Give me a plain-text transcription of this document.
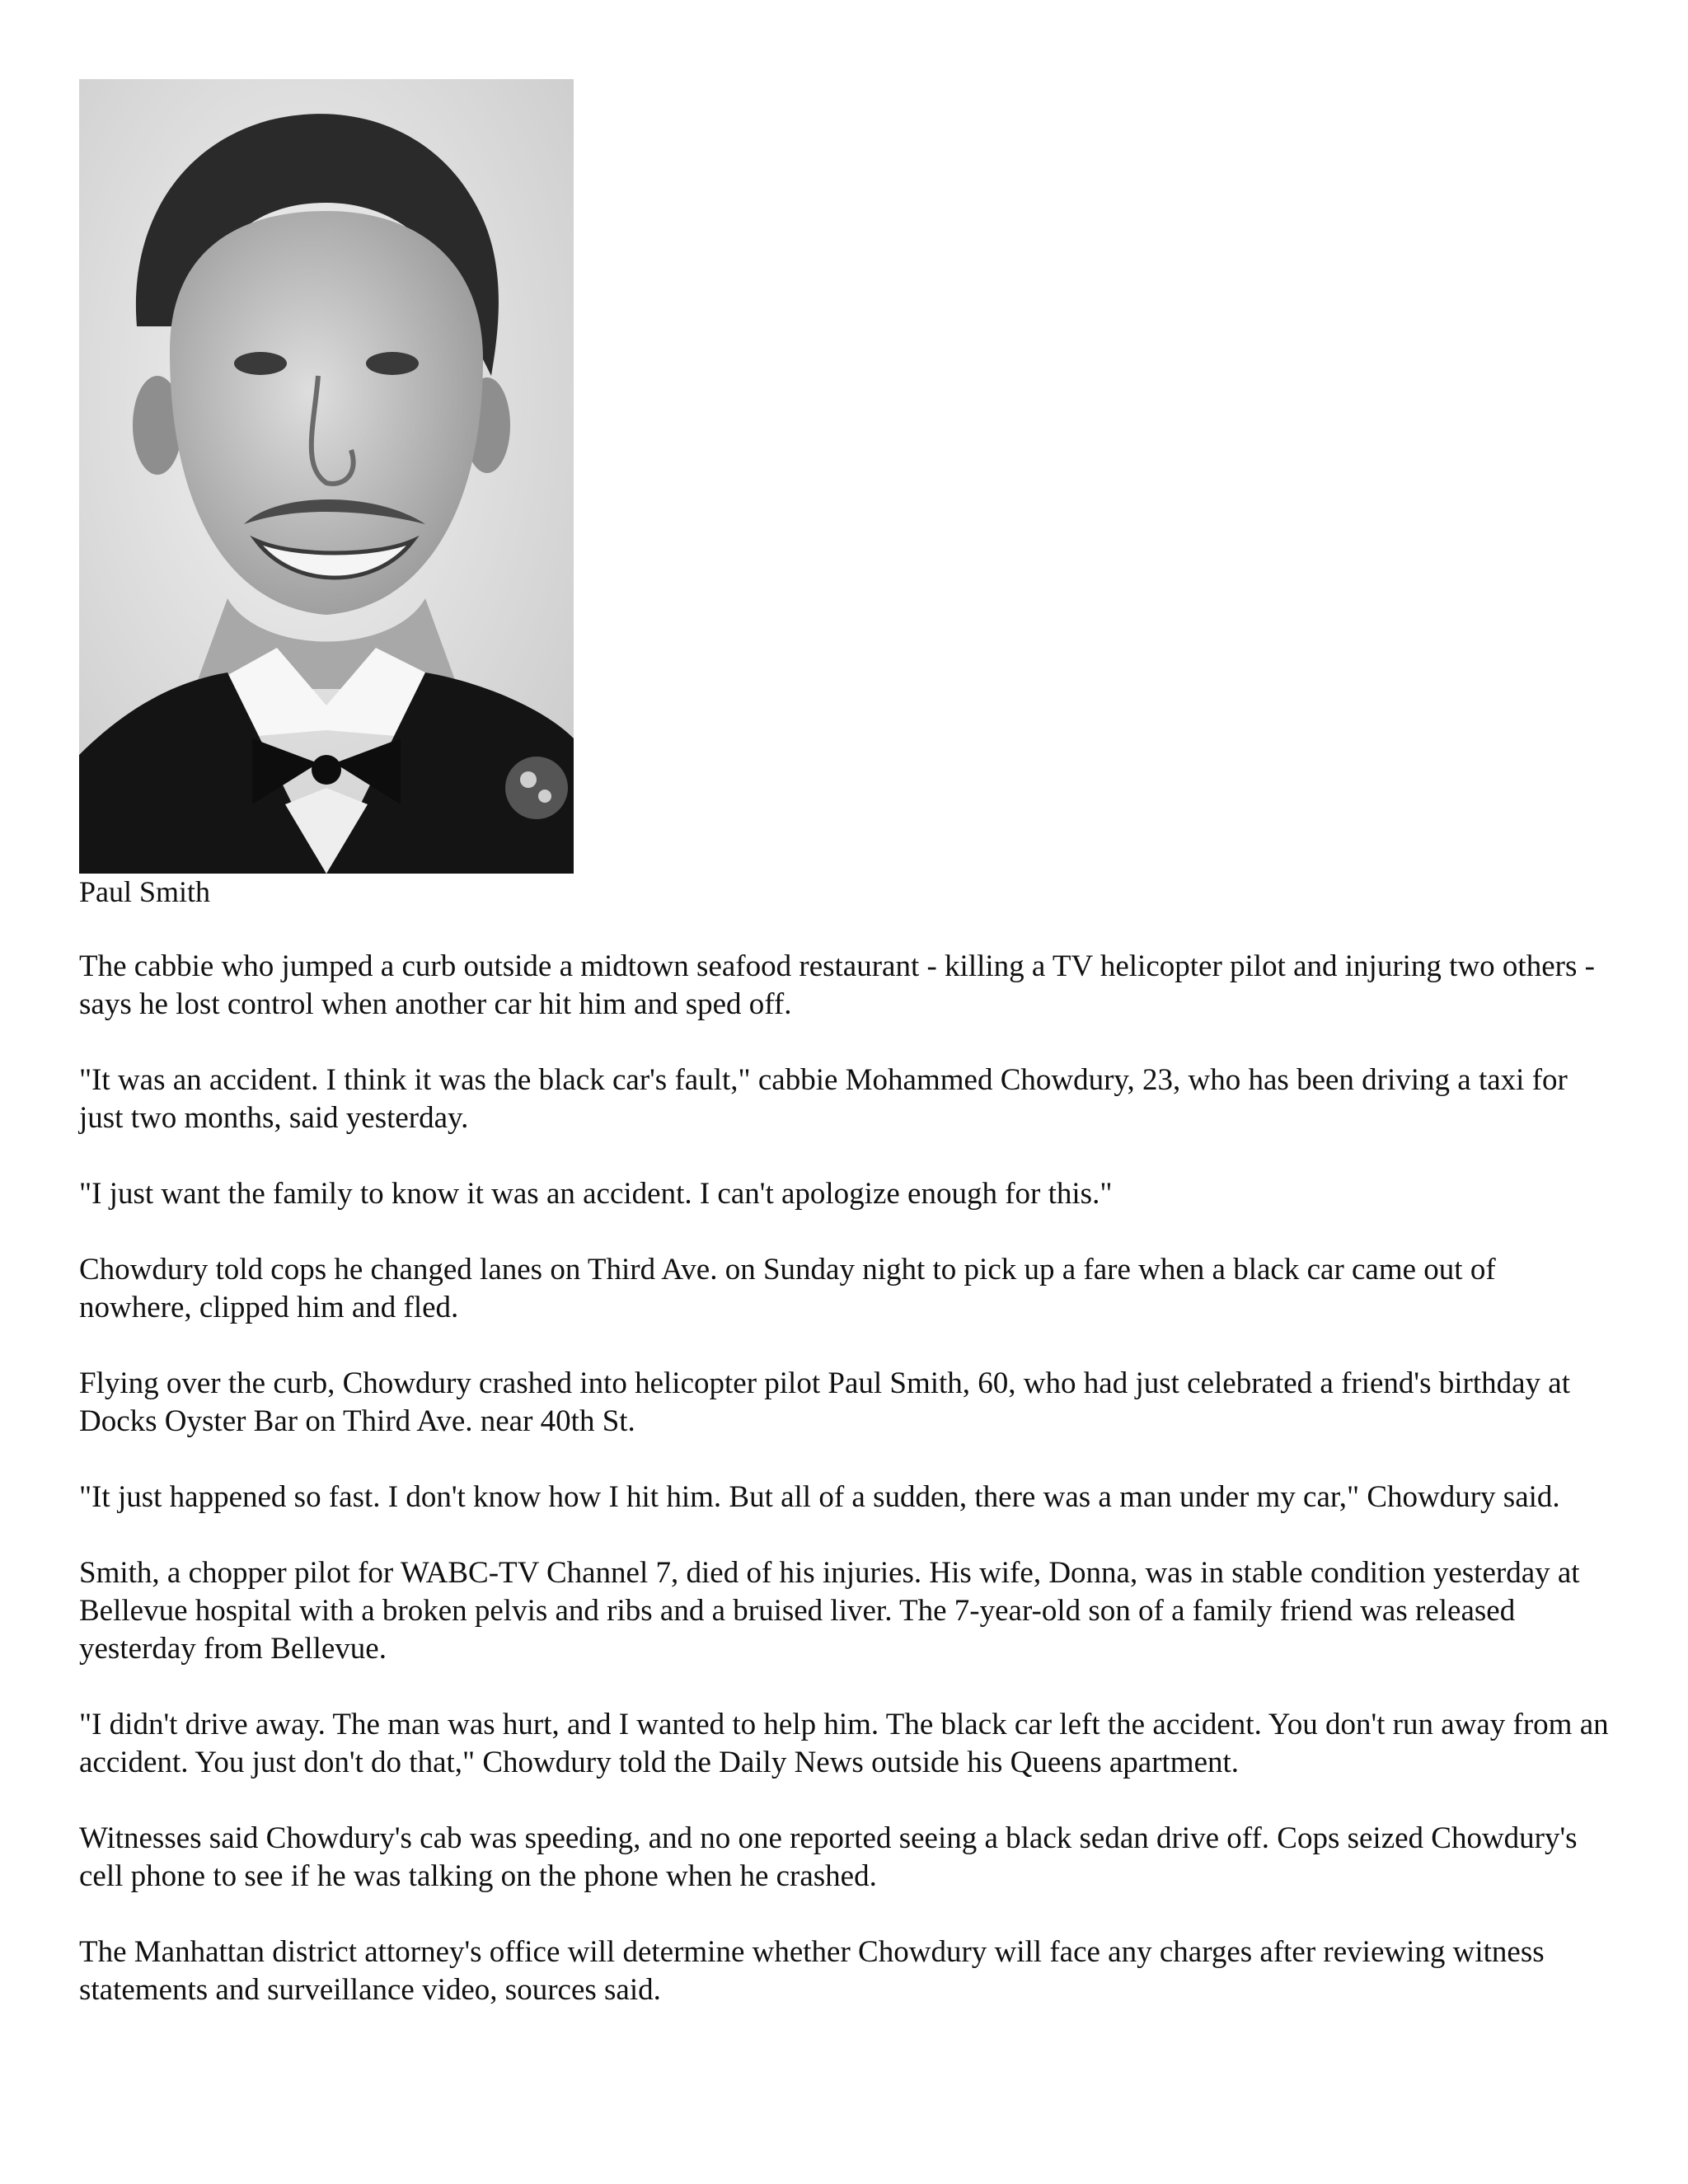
Paul Smith

The cabbie who jumped a curb outside a midtown seafood restaurant - killing a TV helicopter pilot and injuring two others - says he lost control when another car hit him and sped off.

"It was an accident. I think it was the black car's fault," cabbie Mohammed Chowdury, 23, who has been driving a taxi for just two months, said yesterday.

"I just want the family to know it was an accident. I can't apologize enough for this."

Chowdury told cops he changed lanes on Third Ave. on Sunday night to pick up a fare when a black car came out of nowhere, clipped him and fled.

Flying over the curb, Chowdury crashed into helicopter pilot Paul Smith, 60, who had just celebrated a friend's birthday at Docks Oyster Bar on Third Ave. near 40th St.

"It just happened so fast. I don't know how I hit him. But all of a sudden, there was a man under my car," Chowdury said.

Smith, a chopper pilot for WABC-TV Channel 7, died of his injuries. His wife, Donna, was in stable condition yesterday at Bellevue hospital with a broken pelvis and ribs and a bruised liver. The 7-year-old son of a family friend was released yesterday from Bellevue.

"I didn't drive away. The man was hurt, and I wanted to help him. The black car left the accident. You don't run away from an accident. You just don't do that," Chowdury told the Daily News outside his Queens apartment.

Witnesses said Chowdury's cab was speeding, and no one reported seeing a black sedan drive off. Cops seized Chowdury's cell phone to see if he was talking on the phone when he crashed.

The Manhattan district attorney's office will determine whether Chowdury will face any charges after reviewing witness statements and surveillance video, sources said.
